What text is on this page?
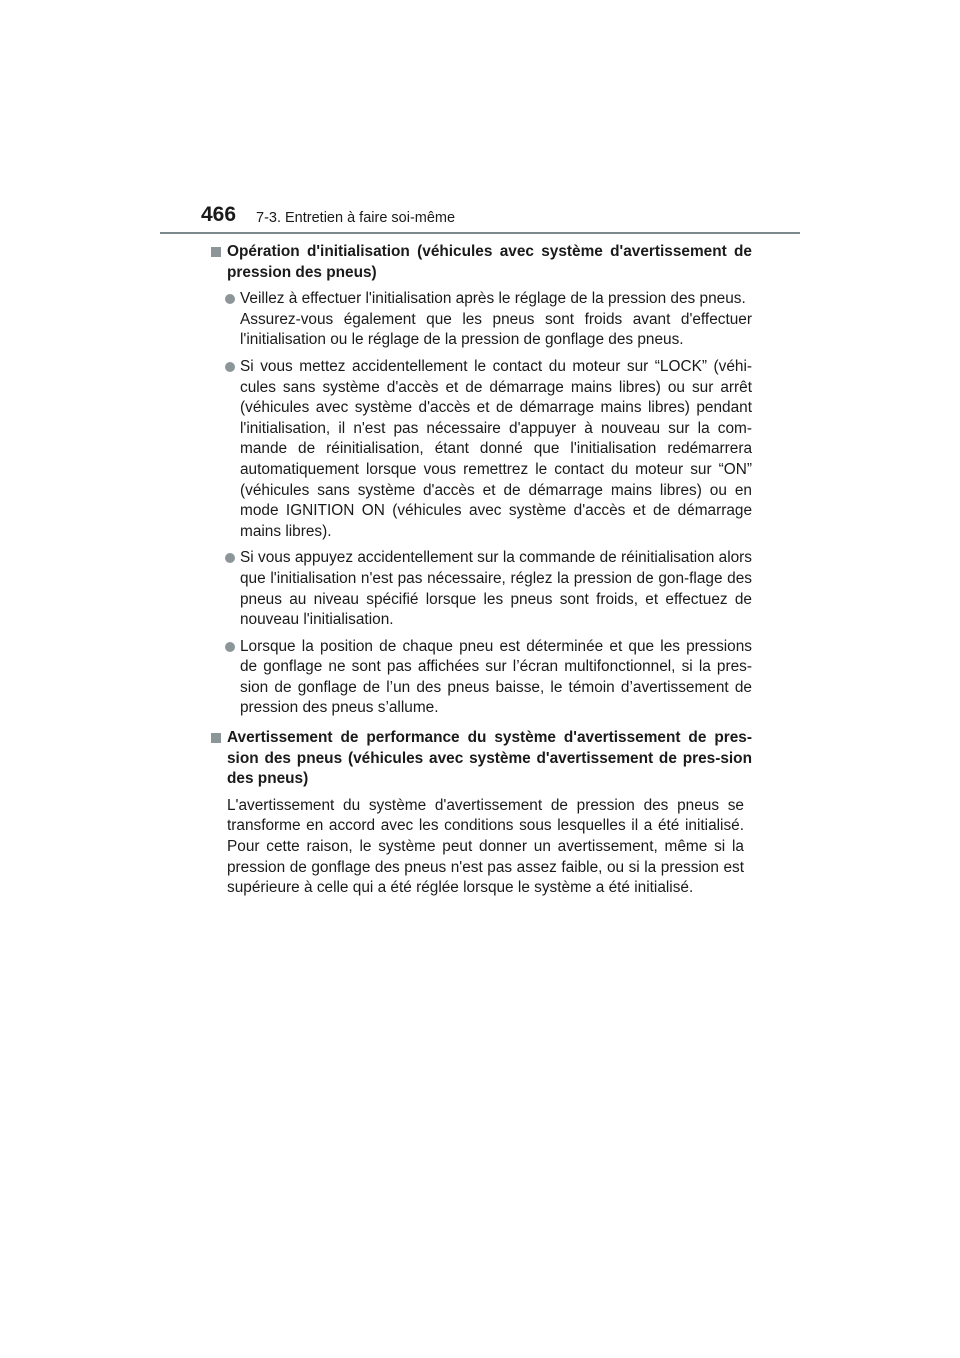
466 7-3. Entretien à faire soi-même
Opération d'initialisation (véhicules avec système d'avertissement de pression des pneus)

Veillez à effectuer l'initialisation après le réglage de la pression des pneus.

Assurez-vous également que les pneus sont froids avant d'effectuer l'initialisation ou le réglage de la pression de gonflage des pneus.

Si vous mettez accidentellement le contact du moteur sur “LOCK” (véhi-cules sans système d'accès et de démarrage mains libres) ou sur arrêt (véhicules avec système d'accès et de démarrage mains libres) pendant l'initialisation, il n'est pas nécessaire d'appuyer à nouveau sur la com-mande de réinitialisation, étant donné que l'initialisation redémarrera automatiquement lorsque vous remettrez le contact du moteur sur “ON” (véhicules sans système d'accès et de démarrage mains libres) ou en mode IGNITION ON (véhicules avec système d'accès et de démarrage mains libres).

Si vous appuyez accidentellement sur la commande de réinitialisation alors que l'initialisation n'est pas nécessaire, réglez la pression de gon-flage des pneus au niveau spécifié lorsque les pneus sont froids, et effectuez de nouveau l'initialisation.

Lorsque la position de chaque pneu est déterminée et que les pressions de gonflage ne sont pas affichées sur l’écran multifonctionnel, si la pres-sion de gonflage de l’un des pneus baisse, le témoin d’avertissement de pression des pneus s’allume.

Avertissement de performance du système d'avertissement de pres-sion des pneus (véhicules avec système d'avertissement de pres-sion des pneus)

L'avertissement du système d'avertissement de pression des pneus se transforme en accord avec les conditions sous lesquelles il a été initialisé. Pour cette raison, le système peut donner un avertissement, même si la pression de gonflage des pneus n'est pas assez faible, ou si la pression est supérieure à celle qui a été réglée lorsque le système a été initialisé.
